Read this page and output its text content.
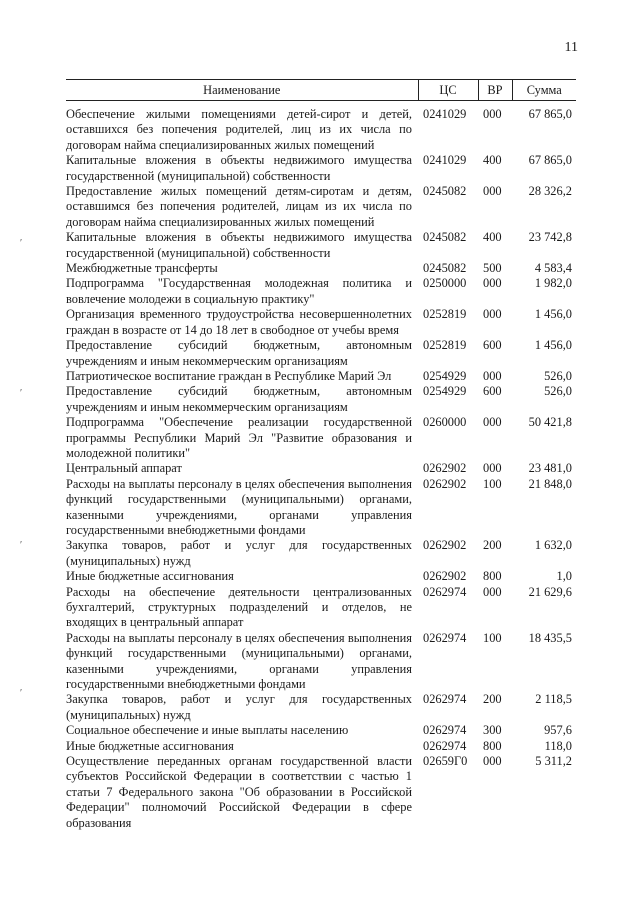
11
′
′
′
′
Наименование	ЦС	ВР	Сумма

Обеспечение жилыми помещениями детей-сирот и детей, оставшихся без попечения родителей, лиц из их числа по договорам найма специализированных жилых помещений	0241029	000	67 865,0
Капитальные вложения в объекты недвижимого имущества государственной (муниципальной) собственности	0241029	400	67 865,0
Предоставление жилых помещений детям-сиротам и детям, оставшимся без попечения родителей, лицам из их числа по договорам найма специализированных жилых помещений	0245082	000	28 326,2
Капитальные вложения в объекты недвижимого имущества государственной (муниципальной) собственности	0245082	400	23 742,8
Межбюджетные трансферты	0245082	500	4 583,4
Подпрограмма "Государственная молодежная политика и вовлечение молодежи в социальную практику"	0250000	000	1 982,0
Организация временного трудоустройства несовершеннолетних граждан в возрасте от 14 до 18 лет в свободное от учебы время	0252819	000	1 456,0
Предоставление субсидий бюджетным, автономным учреждениям и иным некоммерческим организациям	0252819	600	1 456,0
Патриотическое воспитание граждан в Республике Марий Эл	0254929	000	526,0
Предоставление субсидий бюджетным, автономным учреждениям и иным некоммерческим организациям	0254929	600	526,0
Подпрограмма "Обеспечение реализации государственной программы Республики Марий Эл "Развитие образования и молодежной политики"	0260000	000	50 421,8
Центральный аппарат	0262902	000	23 481,0
Расходы на выплаты персоналу в целях обеспечения выполнения функций государственными (муниципальными) органами, казенными учреждениями, органами управления государственными внебюджетными фондами	0262902	100	21 848,0
Закупка товаров, работ и услуг для государственных (муниципальных) нужд	0262902	200	1 632,0
Иные бюджетные ассигнования	0262902	800	1,0
Расходы на обеспечение деятельности централизованных бухгалтерий, структурных подразделений и отделов, не входящих в центральный аппарат	0262974	000	21 629,6
Расходы на выплаты персоналу в целях обеспечения выполнения функций государственными (муниципальными) органами, казенными учреждениями, органами управления государственными внебюджетными фондами	0262974	100	18 435,5
Закупка товаров, работ и услуг для государственных (муниципальных) нужд	0262974	200	2 118,5
Социальное обеспечение и иные выплаты населению	0262974	300	957,6
Иные бюджетные ассигнования	0262974	800	118,0
Осуществление переданных органам государственной власти субъектов Российской Федерации в соответствии с частью 1 статьи 7 Федерального закона "Об образовании в Российской Федерации" полномочий Российской Федерации в сфере образования	02659Г0	000	5 311,2
